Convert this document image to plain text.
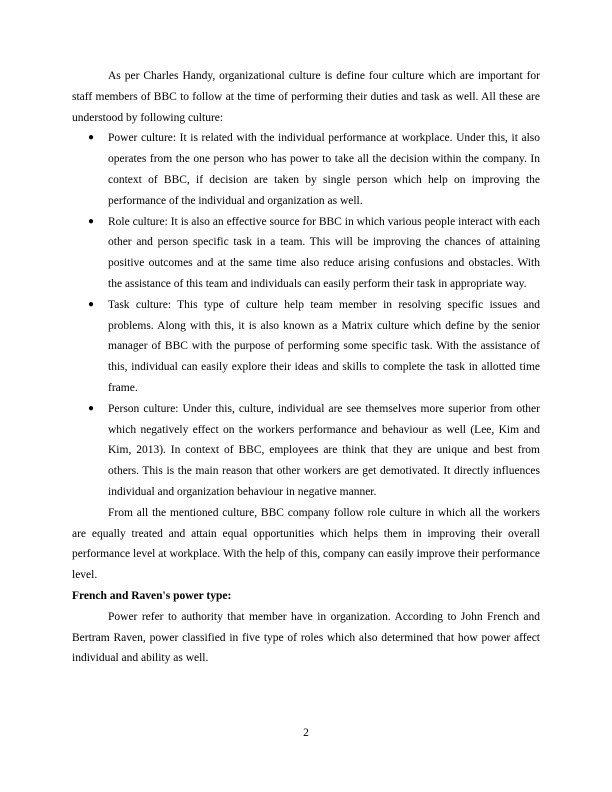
As per Charles Handy, organizational culture is define four culture which are important for staff members of BBC to follow at the time of performing their duties and task as well. All these are understood by following culture:

● Power culture: It is related with the individual performance at workplace. Under this, it also operates from the one person who has power to take all the decision within the company. In context of BBC, if decision are taken by single person which help on improving the performance of the individual and organization as well.
● Role culture: It is also an effective source for BBC in which various people interact with each other and person specific task in a team. This will be improving the chances of attaining positive outcomes and at the same time also reduce arising confusions and obstacles. With the assistance of this team and individuals can easily perform their task in appropriate way.
● Task culture: This type of culture help team member in resolving specific issues and problems. Along with this, it is also known as a Matrix culture which define by the senior manager of BBC with the purpose of performing some specific task. With the assistance of this, individual can easily explore their ideas and skills to complete the task in allotted time frame.
● Person culture: Under this, culture, individual are see themselves more superior from other which negatively effect on the workers performance and behaviour as well (Lee, Kim and Kim, 2013). In context of BBC, employees are think that they are unique and best from others. This is the main reason that other workers are get demotivated. It directly influences individual and organization behaviour in negative manner.

From all the mentioned culture, BBC company follow role culture in which all the workers are equally treated and attain equal opportunities which helps them in improving their overall performance level at workplace. With the help of this, company can easily improve their performance level.

French and Raven's power type:

Power refer to authority that member have in organization. According to John French and Bertram Raven, power classified in five type of roles which also determined that how power affect individual and ability as well.

2
